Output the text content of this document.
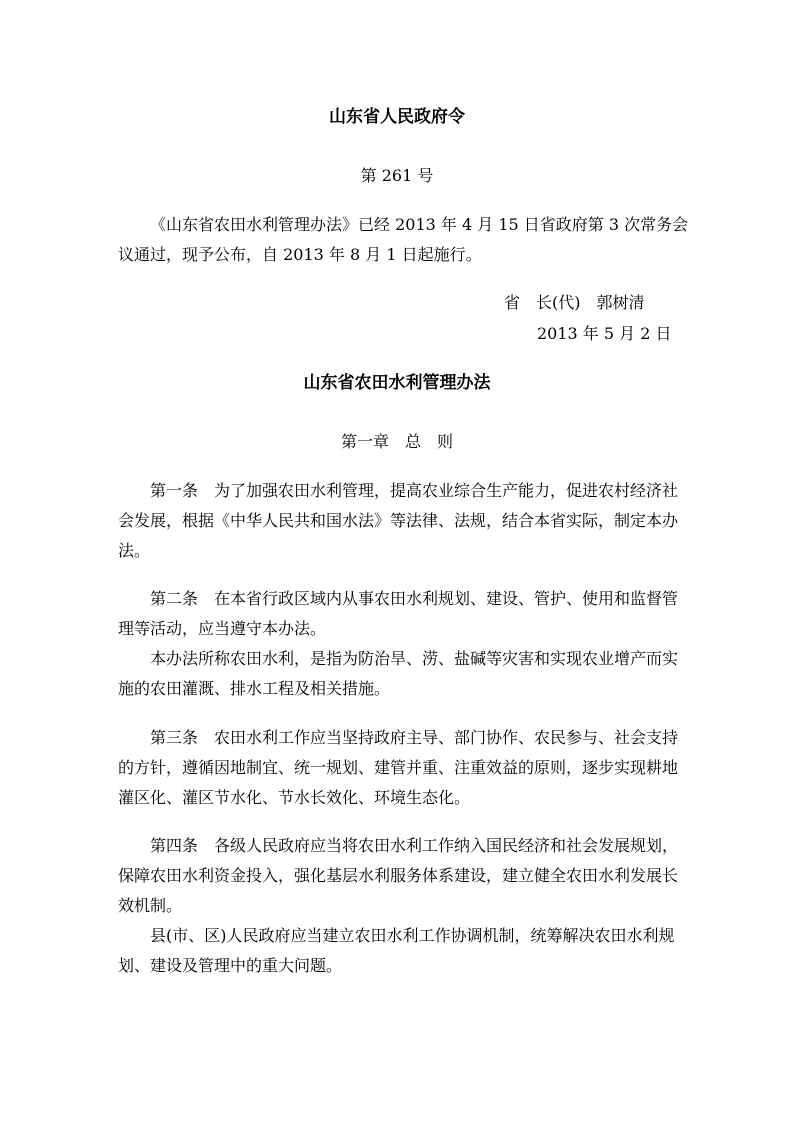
山东省人民政府令
第 261 号
《山东省农田水利管理办法》已经 2013 年 4 月 15 日省政府第 3 次常务会
议通过，现予公布，自 2013 年 8 月 1 日起施行。
省　长(代)　郭树清
2013 年 5 月 2 日
山东省农田水利管理办法
第一章　总　则
第一条　为了加强农田水利管理，提高农业综合生产能力，促进农村经济社
会发展，根据《中华人民共和国水法》等法律、法规，结合本省实际，制定本办
法。
第二条　在本省行政区域内从事农田水利规划、建设、管护、使用和监督管
理等活动，应当遵守本办法。
本办法所称农田水利，是指为防治旱、涝、盐碱等灾害和实现农业增产而实
施的农田灌溉、排水工程及相关措施。
第三条　农田水利工作应当坚持政府主导、部门协作、农民参与、社会支持
的方针，遵循因地制宜、统一规划、建管并重、注重效益的原则，逐步实现耕地
灌区化、灌区节水化、节水长效化、环境生态化。
第四条　各级人民政府应当将农田水利工作纳入国民经济和社会发展规划，
保障农田水利资金投入，强化基层水利服务体系建设，建立健全农田水利发展长
效机制。
县(市、区)人民政府应当建立农田水利工作协调机制，统筹解决农田水利规
划、建设及管理中的重大问题。
